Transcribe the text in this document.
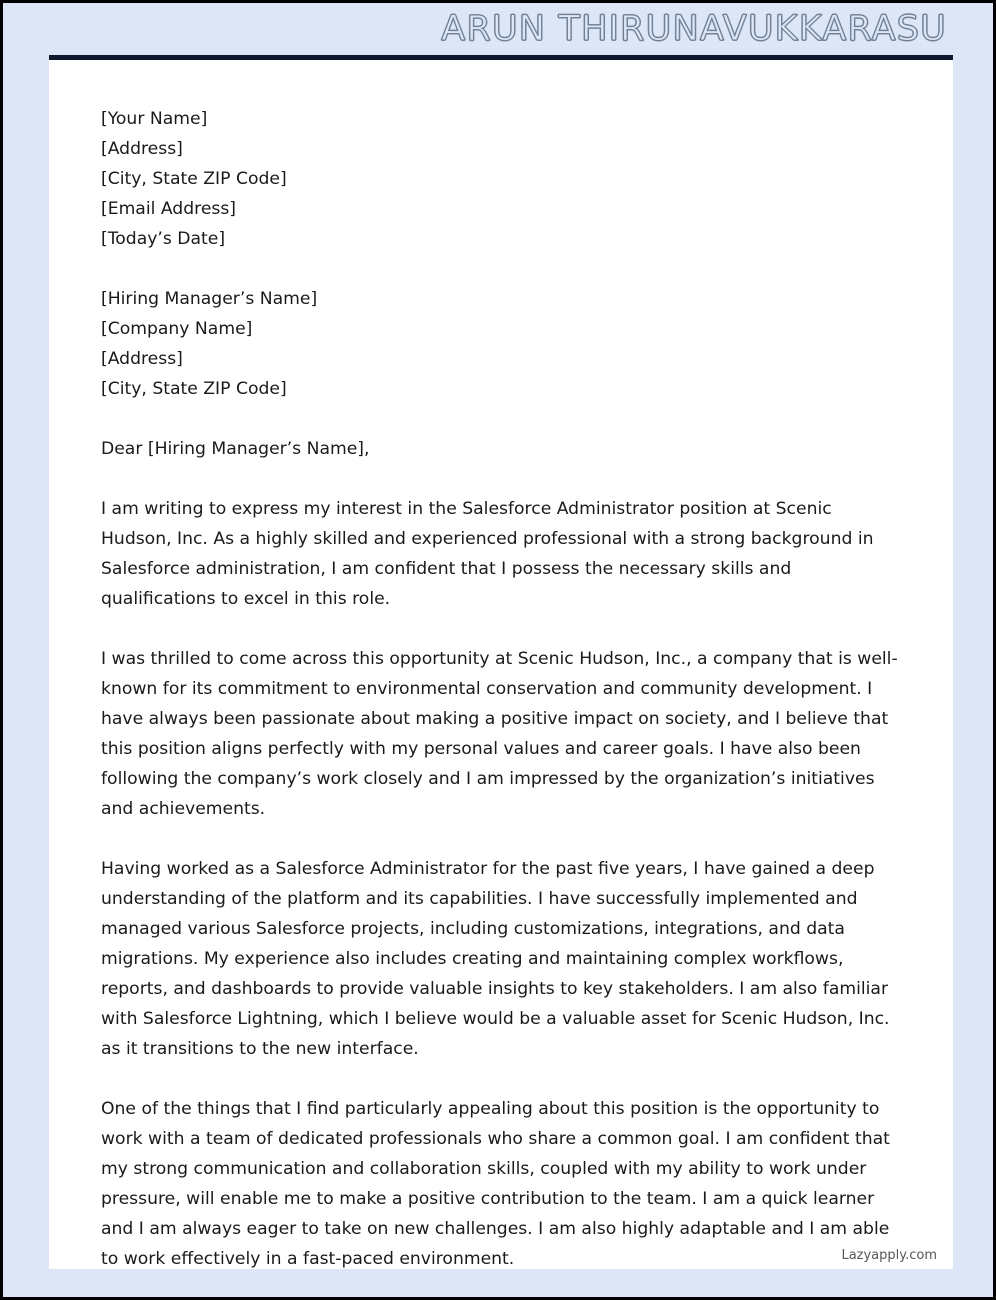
ARUN THIRUNAVUKKARASU
[Your Name]
[Address]
[City, State ZIP Code]
[Email Address]
[Today’s Date]
[Hiring Manager’s Name]
[Company Name]
[Address]
[City, State ZIP Code]
Dear [Hiring Manager’s Name],
I am writing to express my interest in the Salesforce Administrator position at Scenic Hudson, Inc. As a highly skilled and experienced professional with a strong background in Salesforce administration, I am confident that I possess the necessary skills and qualifications to excel in this role.
I was thrilled to come across this opportunity at Scenic Hudson, Inc., a company that is well-known for its commitment to environmental conservation and community development. I have always been passionate about making a positive impact on society, and I believe that this position aligns perfectly with my personal values and career goals. I have also been following the company’s work closely and I am impressed by the organization’s initiatives and achievements.
Having worked as a Salesforce Administrator for the past five years, I have gained a deep understanding of the platform and its capabilities. I have successfully implemented and managed various Salesforce projects, including customizations, integrations, and data migrations. My experience also includes creating and maintaining complex workflows, reports, and dashboards to provide valuable insights to key stakeholders. I am also familiar with Salesforce Lightning, which I believe would be a valuable asset for Scenic Hudson, Inc. as it transitions to the new interface.
One of the things that I find particularly appealing about this position is the opportunity to work with a team of dedicated professionals who share a common goal. I am confident that my strong communication and collaboration skills, coupled with my ability to work under pressure, will enable me to make a positive contribution to the team. I am a quick learner and I am always eager to take on new challenges. I am also highly adaptable and I am able to work effectively in a fast-paced environment.	Lazyapply.com
